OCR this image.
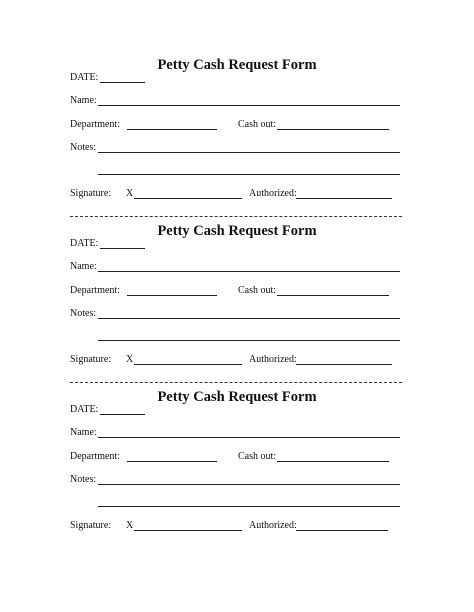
Petty Cash Request Form
DATE:
Name:
Department:	Cash out:
Notes:
Signature: X	Authorized:
Petty Cash Request Form
DATE:
Name:
Department:	Cash out:
Notes:
Signature: X	Authorized:
Petty Cash Request Form
DATE:
Name:
Department:	Cash out:
Notes:
Signature: X	Authorized:
